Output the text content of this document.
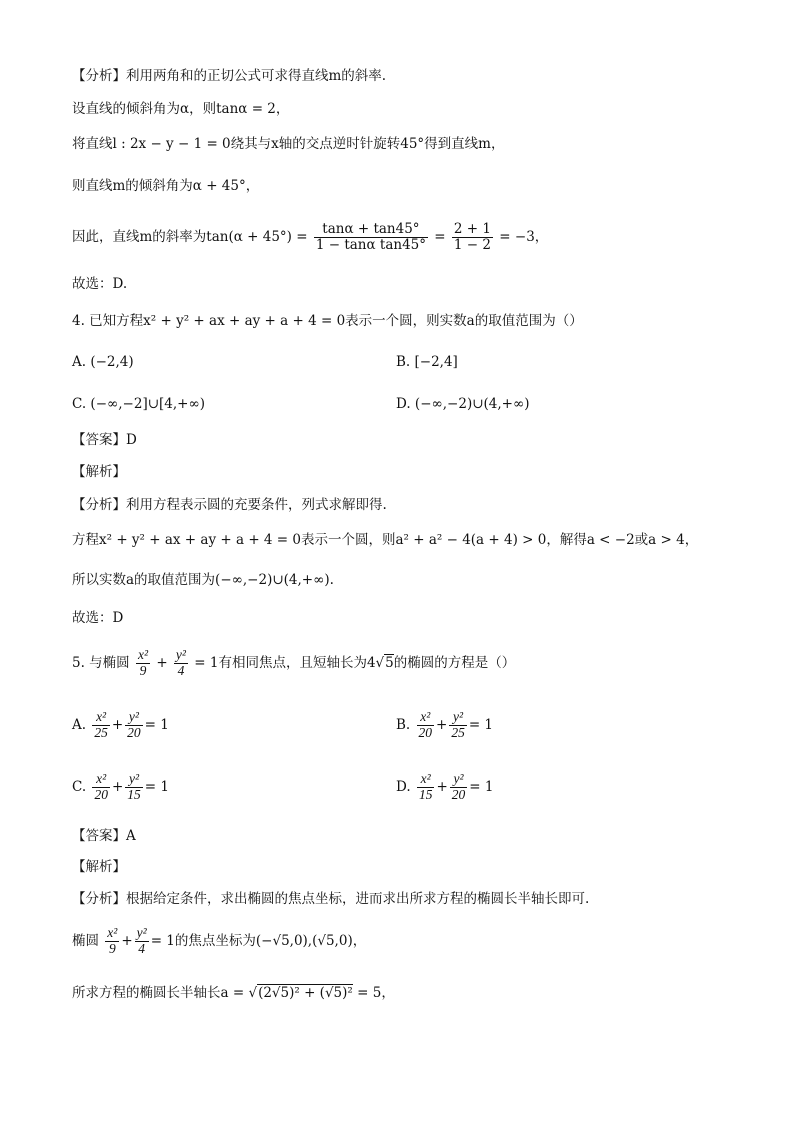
【分析】利用两角和的正切公式可求得直线m的斜率.
设直线的倾斜角为α，则tanα = 2，
将直线l : 2x − y − 1 = 0绕其与x轴的交点逆时针旋转45°得到直线m，
则直线m的倾斜角为α + 45°，
因此，直线m的斜率为$\tan(\alpha + 45^\circ) = \frac{\tan\alpha + \tan 45^\circ}{\text{1 − tanα tan45°}} = \frac{2 + 1}{1 - 2} = -3$，
故选：D.
4. 已知方程x² + y² + ax + ay + a + 4 = 0表示一个圆，则实数a的取值范围为（）
A. (−2,4)	B. [−2,4]
C. (−∞,−2]∪[4,+∞)	D. (−∞,−2)∪(4,+∞)
【答案】D
【解析】
【分析】利用方程表示圆的充要条件，列式求解即得.
方程x² + y² + ax + ay + a + 4 = 0表示一个圆，则a² + a² − 4(a + 4) > 0，解得a < −2或a > 4，
所以实数a的取值范围为(−∞,−2)∪(4,+∞).
故选：D
5. 与椭圆 $\frac{\text{x²}}{9} + \frac{\text{y²}}{4} = 1$有相同焦点，且短轴长为4√5的椭圆的方程是（）
A. $\frac{\text{x²}}{25} + \frac{\text{y²}}{20} = 1$	B. $\frac{\text{x²}}{20} + \frac{\text{y²}}{25} = 1$
C. $\frac{\text{x²}}{20} + \frac{\text{y²}}{15} = 1$	D. $\frac{\text{x²}}{15} + \frac{\text{y²}}{20} = 1$
【答案】A
【解析】
【分析】根据给定条件，求出椭圆的焦点坐标，进而求出所求方程的椭圆长半轴长即可.
椭圆 $\frac{\text{x²}}{9} + \frac{\text{y²}}{4} = 1$的焦点坐标为(−√5,0),(√5,0)，
所求方程的椭圆长半轴长a = √(2√5)² + (√5)² = 5，
